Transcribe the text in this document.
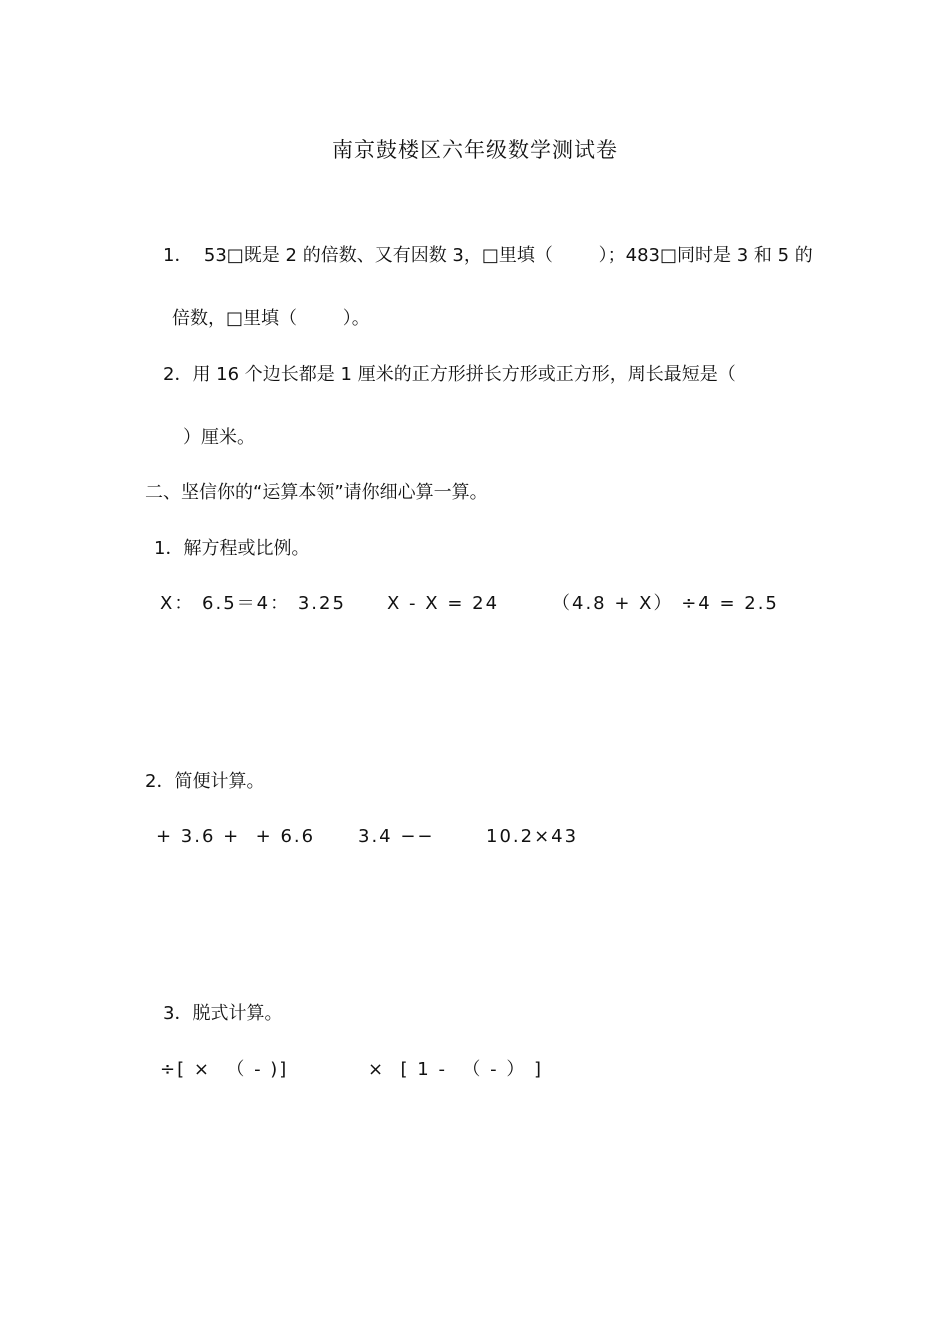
南京鼓楼区六年级数学测试卷
1．  53□既是 2 的倍数、又有因数 3，□里填（        ）；483□同时是 3 和 5 的
倍数，□里填（        ）。
2．用 16 个边长都是 1 厘米的正方形拼长方形或正方形，周长最短是（
）厘米。
二、坚信你的“运算本领”请你细心算一算。
1．解方程或比例。
X： 6.5＝4： 3.25 X - X = 24	（4.8 + X） ÷4 = 2.5
2．简便计算。
+ 3.6 +  + 6.6 3.4 −−	10.2×43
3．脱式计算。
÷[ ×  （ - )]	×  [ 1 -  （ - ） ]
